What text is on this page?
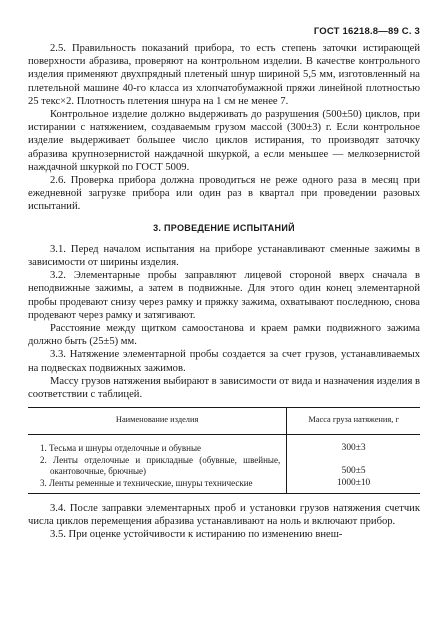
ГОСТ 16218.8—89 С. 3

2.5. Правильность показаний прибора, то есть степень заточки истирающей поверхности абразива, проверяют на контрольном изделии. В качестве контрольного изделия применяют двухпрядный плетеный шнур шириной 5,5 мм, изготовленный на плетельной машине 40-го класса из хлопчатобумажной пряжи линейной плотностью 25 текс×2. Плотность плетения шнура на 1 см не менее 7.

Контрольное изделие должно выдерживать до разрушения (500±50) циклов, при истирании с натяжением, создаваемым грузом массой (300±3) г. Если контрольное изделие выдерживает большее число циклов истирания, то производят заточку абразива крупнозернистой наждачной шкуркой, а если меньшее — мелкозернистой наждачной шкуркой по ГОСТ 5009.

2.6. Проверка прибора должна проводиться не реже одного раза в месяц при ежедневной загрузке прибора или один раз в квартал при проведении разовых испытаний.

3. ПРОВЕДЕНИЕ ИСПЫТАНИЙ

3.1. Перед началом испытания на приборе устанавливают сменные зажимы в зависимости от ширины изделия.

3.2. Элементарные пробы заправляют лицевой стороной вверх сначала в неподвижные зажимы, а затем в подвижные. Для этого один конец элементарной пробы продевают снизу через рамку и пряжку зажима, охватывают последнюю, снова продевают через рамку и затягивают.

Расстояние между щитком самоостанова и краем рамки подвижного зажима должно быть (25±5) мм.

3.3. Натяжение элементарной пробы создается за счет грузов, устанавливаемых на подвесках подвижных зажимов.

Массу грузов натяжения выбирают в зависимости от вида и назначения изделия в соответствии с таблицей.

Наименование изделия	Масса груза натяжения, г

1. Тесьма и шнуры отделочные и обувные	300±3

2. Ленты отделочные и прикладные (обувные, швейные, окантовочные, брючные)	500±5

3. Ленты ременные и технические, шнуры технические	1000±10

3.4. После заправки элементарных проб и установки грузов натяжения счетчик числа циклов перемещения абразива устанавливают на ноль и включают прибор.

3.5. При оценке устойчивости к истиранию по изменению внеш-
